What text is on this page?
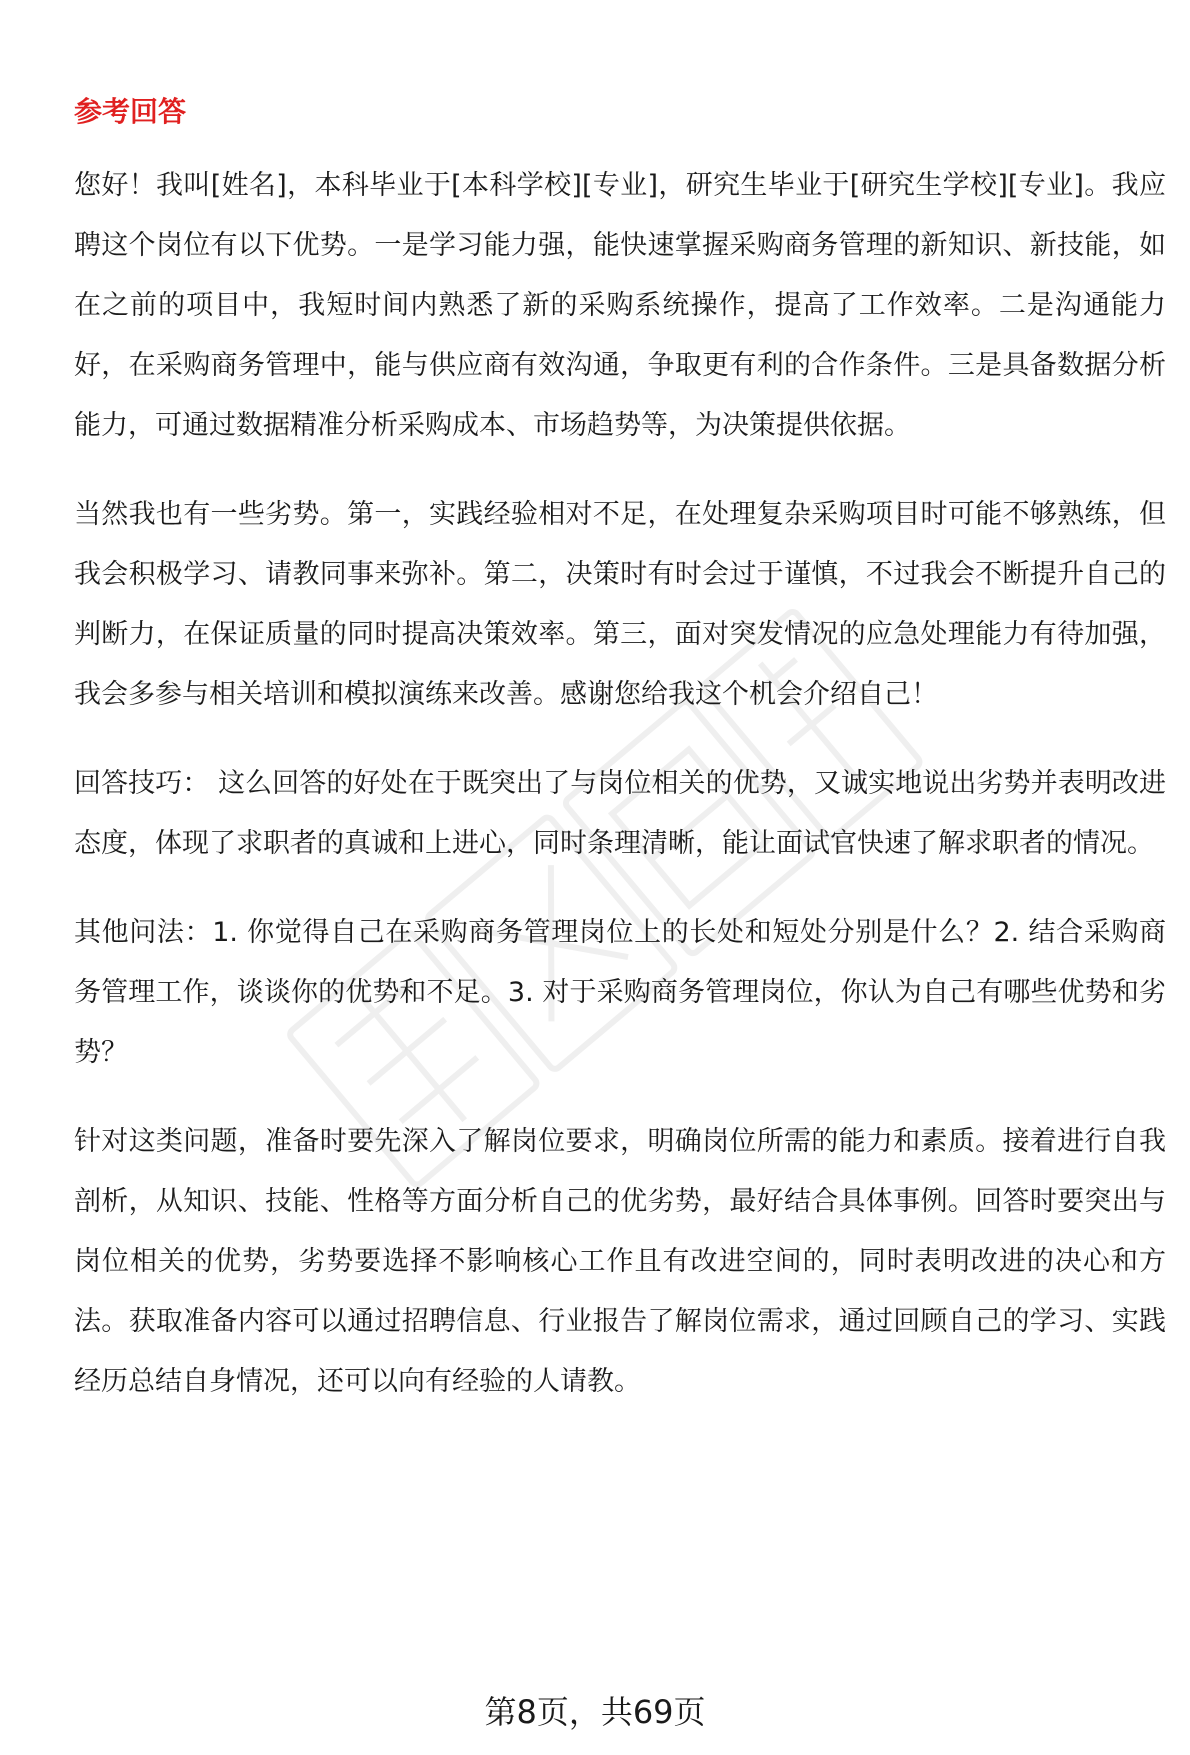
参考回答

您好！我叫[姓名]，本科毕业于[本科学校][专业]，研究生毕业于[研究生学校][专业]。我应聘这个岗位有以下优势。一是学习能力强，能快速掌握采购商务管理的新知识、新技能，如在之前的项目中，我短时间内熟悉了新的采购系统操作，提高了工作效率。二是沟通能力好，在采购商务管理中，能与供应商有效沟通，争取更有利的合作条件。三是具备数据分析能力，可通过数据精准分析采购成本、市场趋势等，为决策提供依据。

当然我也有一些劣势。第一，实践经验相对不足，在处理复杂采购项目时可能不够熟练，但我会积极学习、请教同事来弥补。第二，决策时有时会过于谨慎，不过我会不断提升自己的判断力，在保证质量的同时提高决策效率。第三，面对突发情况的应急处理能力有待加强，我会多参与相关培训和模拟演练来改善。感谢您给我这个机会介绍自己！

回答技巧： 这么回答的好处在于既突出了与岗位相关的优势，又诚实地说出劣势并表明改进态度，体现了求职者的真诚和上进心，同时条理清晰，能让面试官快速了解求职者的情况。

其他问法：1. 你觉得自己在采购商务管理岗位上的长处和短处分别是什么？2. 结合采购商务管理工作，谈谈你的优势和不足。3. 对于采购商务管理岗位，你认为自己有哪些优势和劣势？

针对这类问题，准备时要先深入了解岗位要求，明确岗位所需的能力和素质。接着进行自我剖析，从知识、技能、性格等方面分析自己的优劣势，最好结合具体事例。回答时要突出与岗位相关的优势，劣势要选择不影响核心工作且有改进空间的，同时表明改进的决心和方法。获取准备内容可以通过招聘信息、行业报告了解岗位需求，通过回顾自己的学习、实践经历总结自身情况，还可以向有经验的人请教。

第8页，共69页
